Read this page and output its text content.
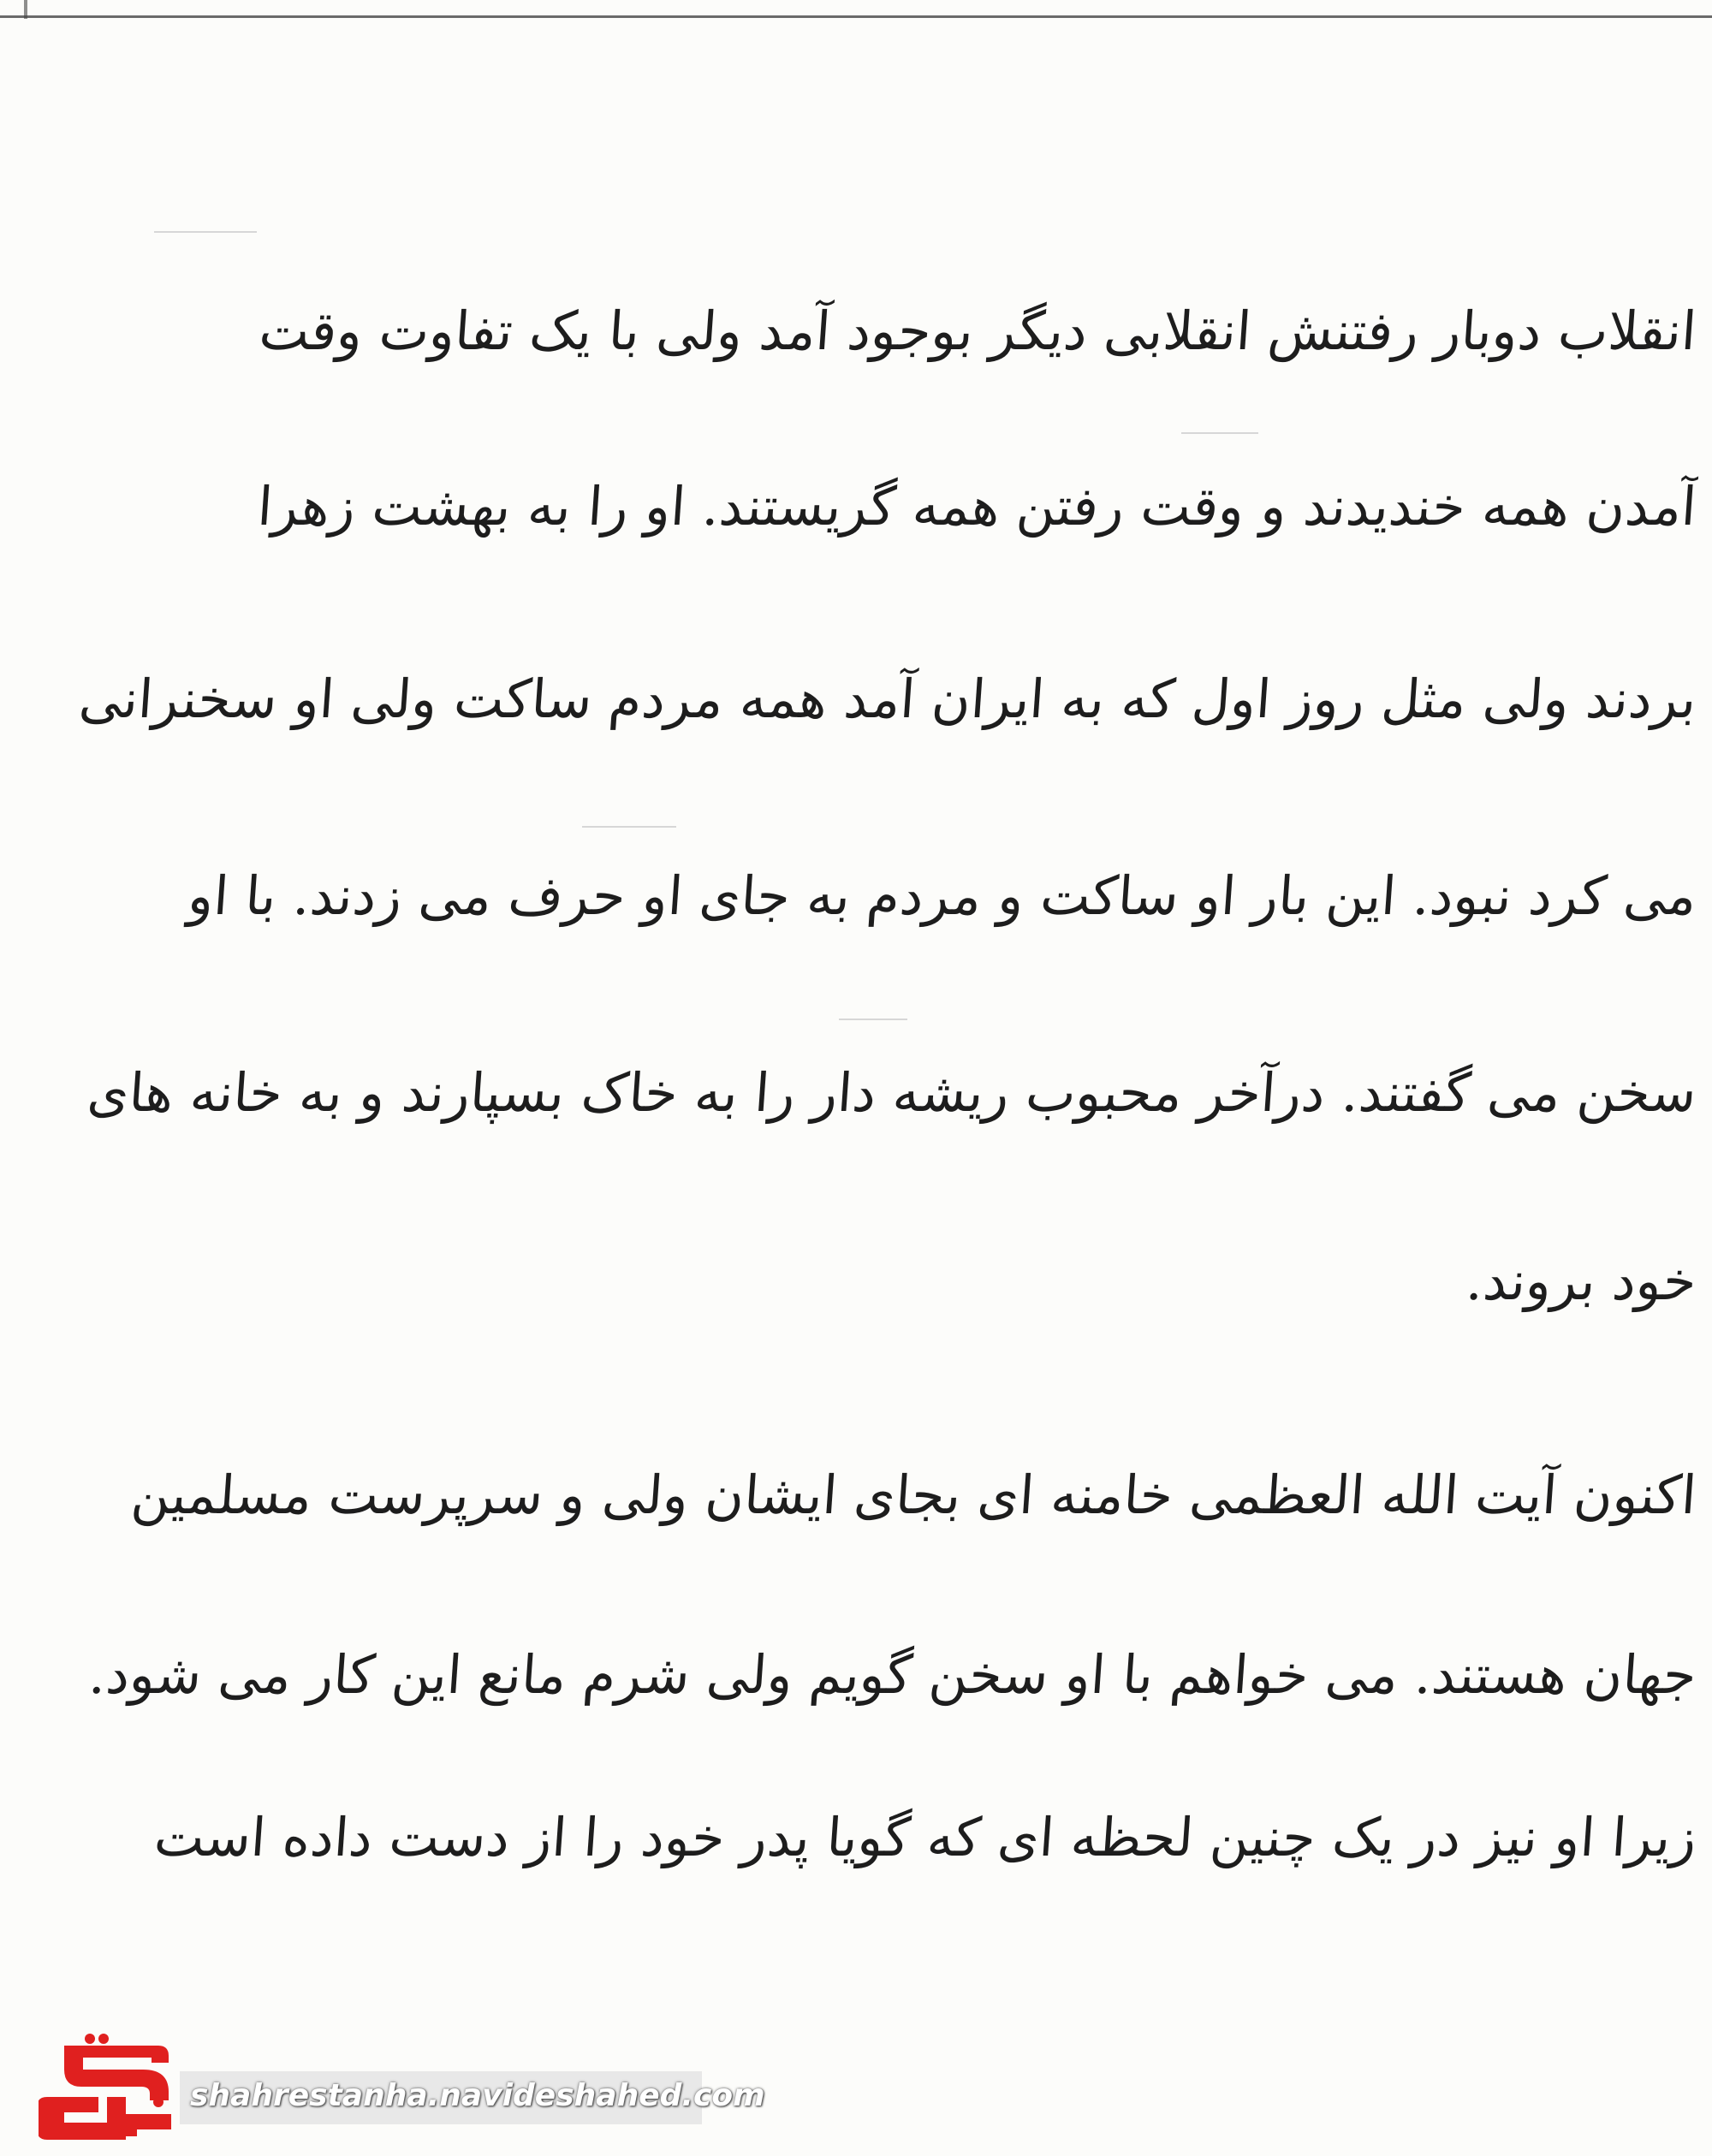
انقلاب دوبار رفتنش انقلابی دیگر بوجود آمد ولی با یک تفاوت وقت
آمدن همه خندیدند و وقت رفتن همه گریستند. او را به بهشت زهرا
بردند ولی مثل روز اول که به ایران آمد همه مردم ساکت ولی او سخنرانی
می کرد نبود. این بار او ساکت و مردم به جای او حرف می زدند. با او
سخن می گفتند. درآخر محبوب ریشه دار را به خاک بسپارند و به خانه های
خود بروند.
اکنون آیت الله العظمی خامنه ای بجای ایشان ولی و سرپرست مسلمین
جهان هستند. می خواهم با او سخن گویم ولی شرم مانع این کار می شود.
زیرا او نیز در یک چنین لحظه ای که گویا پدر خود را از دست داده است
shahrestanha.navideshahed.com
